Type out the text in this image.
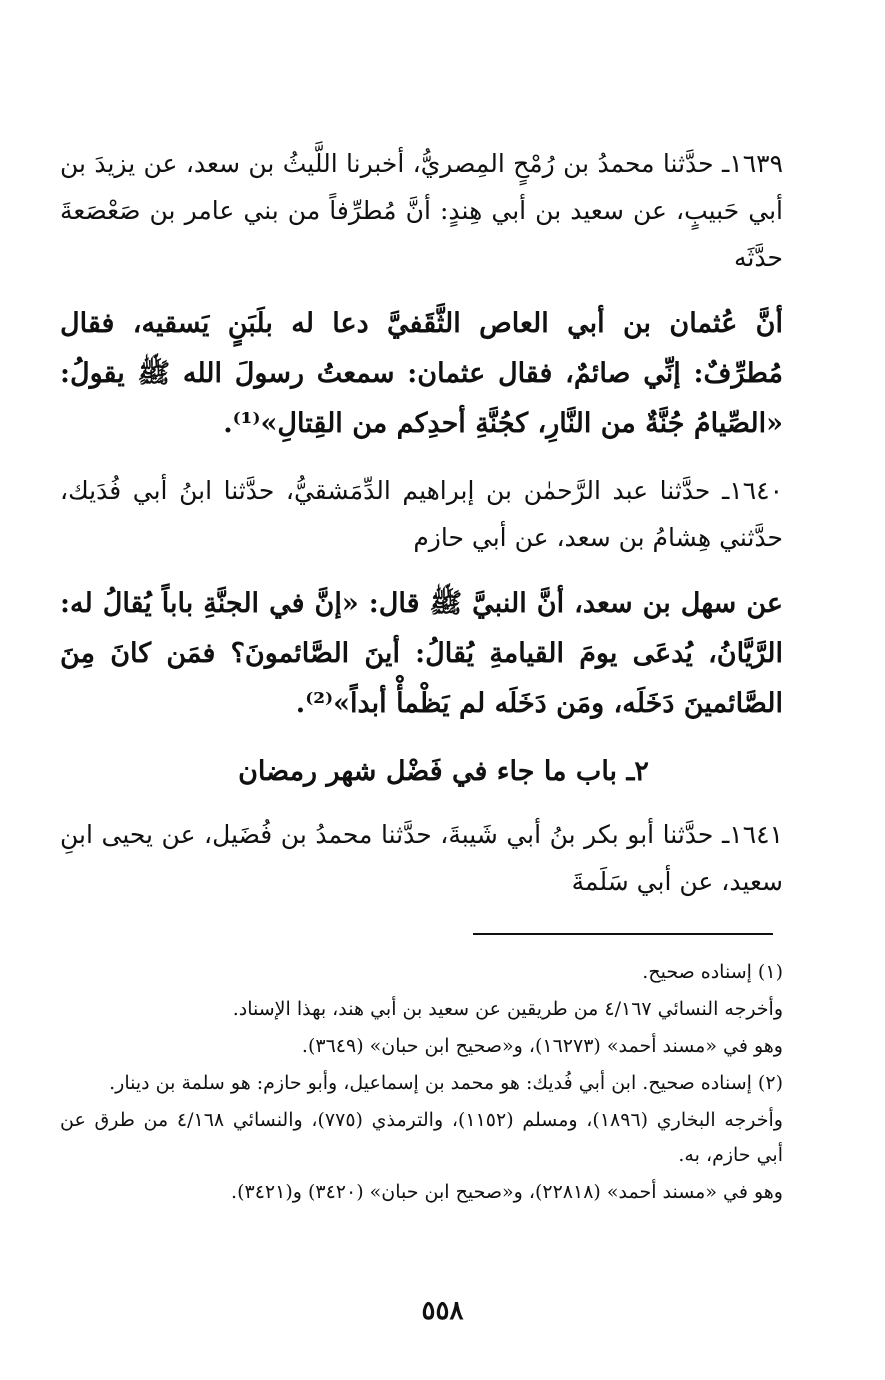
١٦٣٩ـ حدَّثنا محمدُ بن رُمْحٍ المِصريُّ، أخبرنا اللَّيثُ بن سعد، عن يزيدَ بن أبي حَبيبٍ، عن سعيد بن أبي هِندٍ: أنَّ مُطرِّفاً من بني عامر بن صَعْصَعةَ حدَّثَه

أنَّ عُثمان بن أبي العاص الثَّقَفيَّ دعا له بلَبَنٍ يَسقيه، فقال مُطرِّفٌ: إنِّي صائمٌ، فقال عثمان: سمعتُ رسولَ الله ﷺ يقولُ: «الصِّيامُ جُنَّةٌ من النَّارِ، كجُنَّةِ أحدِكم من القِتالِ»⁽¹⁾.

١٦٤٠ـ حدَّثنا عبد الرَّحمٰن بن إبراهيم الدِّمَشقيُّ، حدَّثنا ابنُ أبي فُدَيك، حدَّثني هِشامُ بن سعد، عن أبي حازم

عن سهل بن سعد، أنَّ النبيَّ ﷺ قال: «إنَّ في الجنَّةِ باباً يُقالُ له: الرَّيَّانُ، يُدعَى يومَ القيامةِ يُقالُ: أينَ الصَّائمونَ؟ فمَن كانَ مِنَ الصَّائمينَ دَخَلَه، ومَن دَخَلَه لم يَظْمأْ أبداً»⁽²⁾.

٢ـ باب ما جاء في فَضْل شهر رمضان

١٦٤١ـ حدَّثنا أبو بكر بنُ أبي شَيبةَ، حدَّثنا محمدُ بن فُضَيل، عن يحيى ابنِ سعيد، عن أبي سَلَمةَ

(١) إسناده صحيح.

وأخرجه النسائي ٤/١٦٧ من طريقين عن سعيد بن أبي هند، بهذا الإسناد.

وهو في «مسند أحمد» (١٦٢٧٣)، و«صحيح ابن حبان» (٣٦٤٩).

(٢) إسناده صحيح. ابن أبي فُديك: هو محمد بن إسماعيل، وأبو حازم: هو سلمة بن دينار.

وأخرجه البخاري (١٨٩٦)، ومسلم (١١٥٢)، والترمذي (٧٧٥)، والنسائي ٤/١٦٨ من طرق عن أبي حازم، به.

وهو في «مسند أحمد» (٢٢٨١٨)، و«صحيح ابن حبان» (٣٤٢٠) و(٣٤٢١).

٥٥٨
